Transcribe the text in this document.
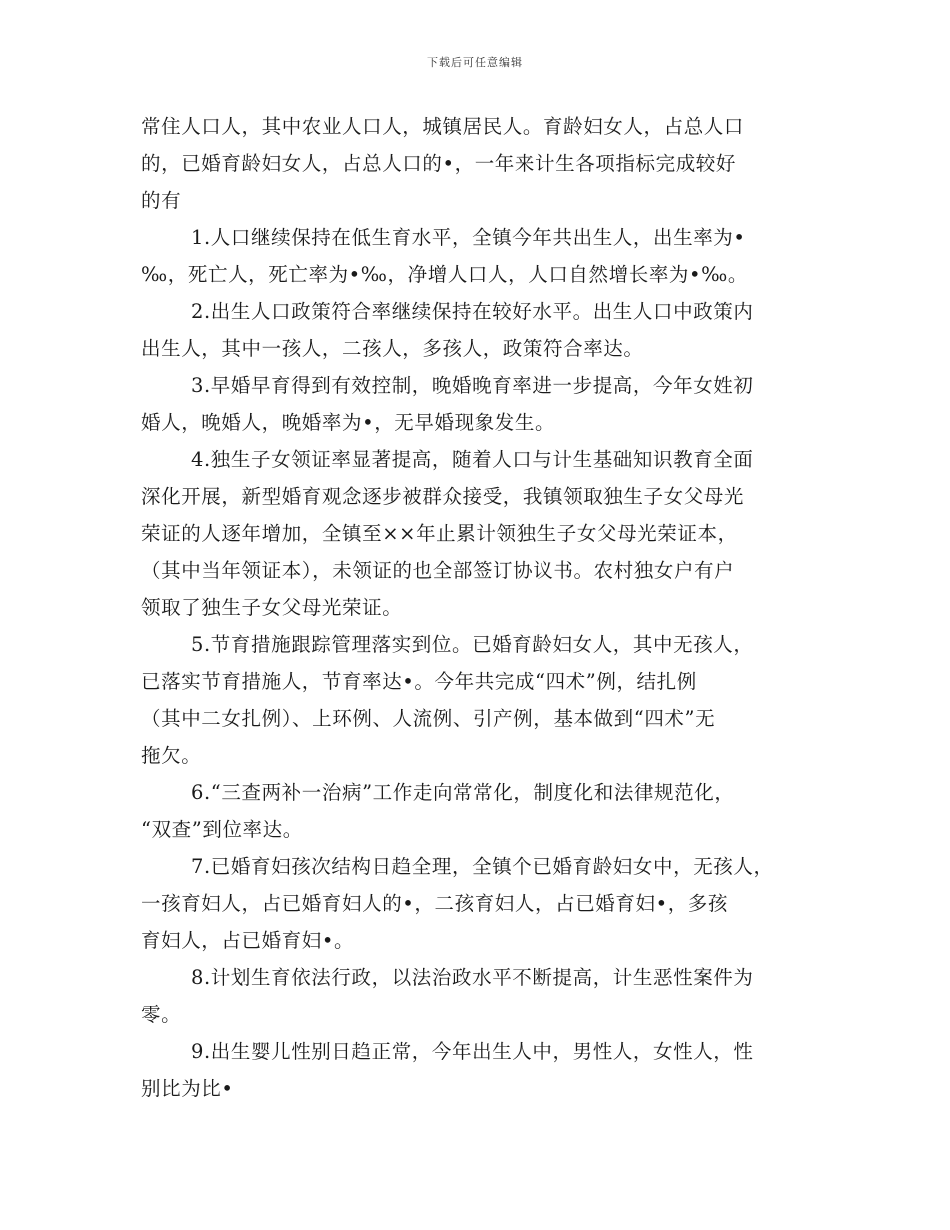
下载后可任意编辑
常住人口人，其中农业人口人，城镇居民人。育龄妇女人，占总人口
的，已婚育龄妇女人，占总人口的•，一年来计生各项指标完成较好
的有
1.人口继续保持在低生育水平，全镇今年共出生人，出生率为•
‰，死亡人，死亡率为•‰，净增人口人，人口自然增长率为•‰。
2.出生人口政策符合率继续保持在较好水平。出生人口中政策内
出生人，其中一孩人，二孩人，多孩人，政策符合率达。
3.早婚早育得到有效控制，晚婚晚育率进一步提高，今年女姓初
婚人，晚婚人，晚婚率为•，无早婚现象发生。
4.独生子女领证率显著提高，随着人口与计生基础知识教育全面
深化开展，新型婚育观念逐步被群众接受，我镇领取独生子女父母光
荣证的人逐年增加，全镇至××年止累计领独生子女父母光荣证本，
（其中当年领证本），未领证的也全部签订协议书。农村独女户有户
领取了独生子女父母光荣证。
5.节育措施跟踪管理落实到位。已婚育龄妇女人，其中无孩人，
已落实节育措施人，节育率达•。今年共完成“四术”例，结扎例
（其中二女扎例）、上环例、人流例、引产例，基本做到“四术”无
拖欠。
6.“三查两补一治病”工作走向常常化，制度化和法律规范化，
“双查”到位率达。
7.已婚育妇孩次结构日趋全理，全镇个已婚育龄妇女中，无孩人，
一孩育妇人，占已婚育妇人的•，二孩育妇人，占已婚育妇•，多孩
育妇人，占已婚育妇•。
8.计划生育依法行政，以法治政水平不断提高，计生恶性案件为
零。
9.出生婴儿性别日趋正常，今年出生人中，男性人，女性人，性
别比为比•
